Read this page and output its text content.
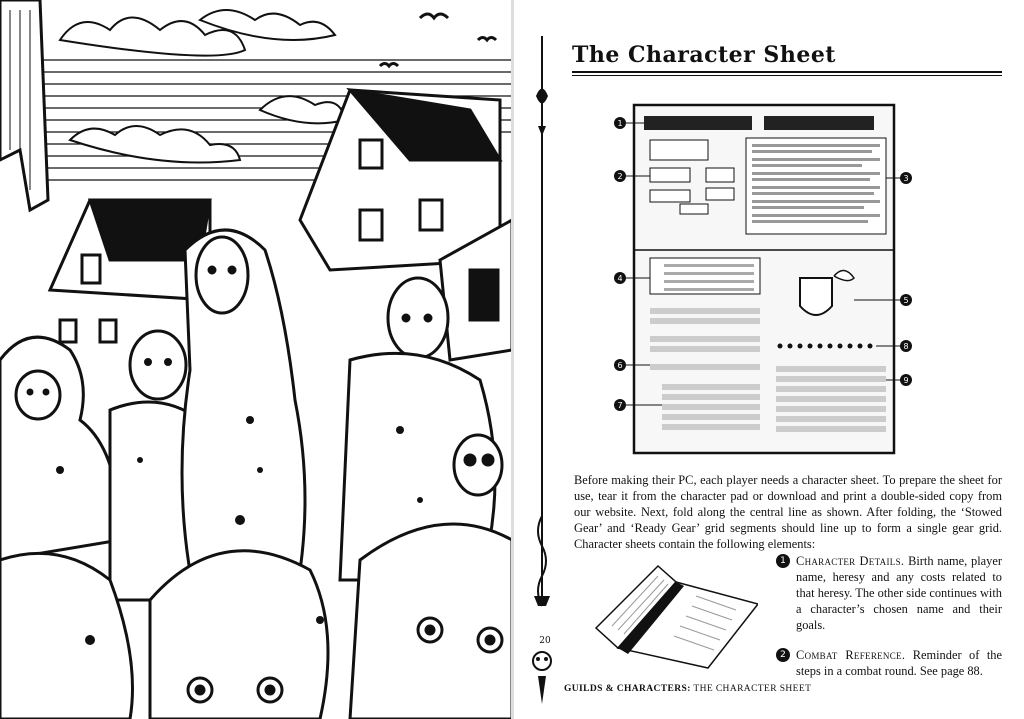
The Character Sheet
1
2	3
4
5
6
7
8
9

Before making their PC, each player needs a character sheet. To prepare the sheet for use, tear it from the character pad or download and print a double-sided copy from our website. Next, fold along the central line as shown. After folding, the ‘Stowed Gear’ and ‘Ready Gear’ grid segments should line up to form a single gear grid. Character sheets contain the following elements:

1 Character Details. Birth name, player name, heresy and any costs related to that heresy. The other side continues with a character’s chosen name and their goals.
2 Combat Reference. Reminder of the steps in a combat round. See page 88.
20
GUILDS & CHARACTERS: THE CHARACTER SHEET
